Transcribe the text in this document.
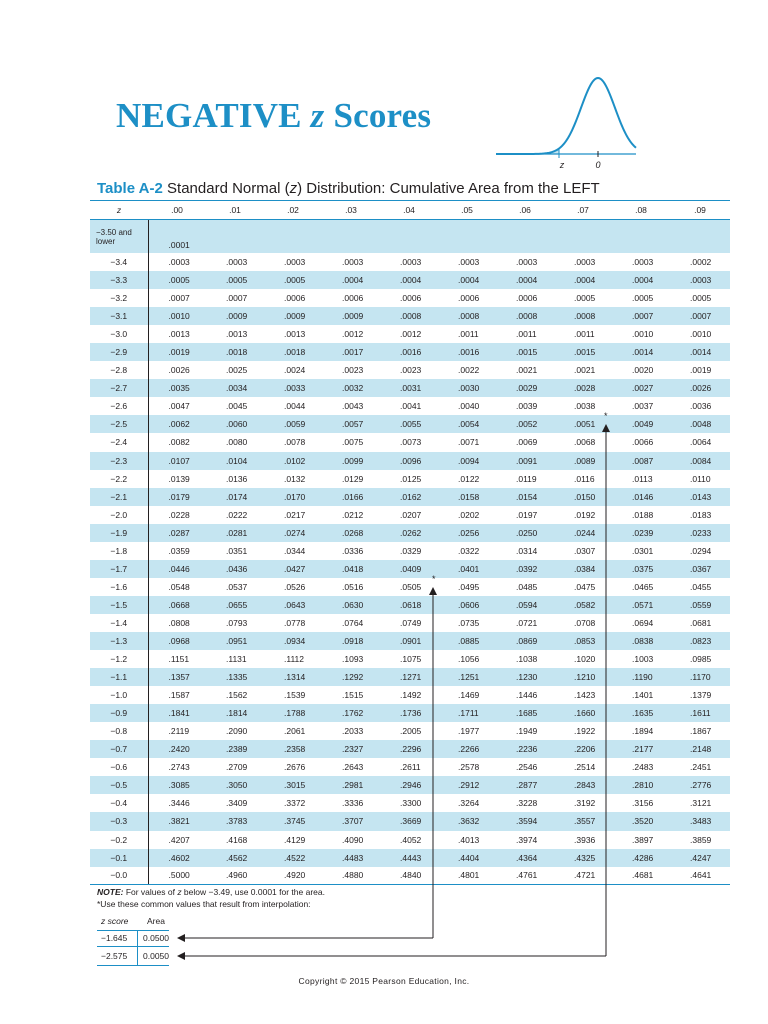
NEGATIVE z Scores
z	0

Table A-2 Standard Normal (z) Distribution: Cumulative Area from the LEFT

z	.00	.01	.02	.03	.04	.05	.06	.07	.08	.09
−3.50 and lower	.0001									
−3.4	.0003	.0003	.0003	.0003	.0003	.0003	.0003	.0003	.0003	.0002
−3.3	.0005	.0005	.0005	.0004	.0004	.0004	.0004	.0004	.0004	.0003
−3.2	.0007	.0007	.0006	.0006	.0006	.0006	.0006	.0005	.0005	.0005
−3.1	.0010	.0009	.0009	.0009	.0008	.0008	.0008	.0008	.0007	.0007
−3.0	.0013	.0013	.0013	.0012	.0012	.0011	.0011	.0011	.0010	.0010
−2.9	.0019	.0018	.0018	.0017	.0016	.0016	.0015	.0015	.0014	.0014
−2.8	.0026	.0025	.0024	.0023	.0023	.0022	.0021	.0021	.0020	.0019
−2.7	.0035	.0034	.0033	.0032	.0031	.0030	.0029	.0028	.0027	.0026
−2.6	.0047	.0045	.0044	.0043	.0041	.0040	.0039	.0038	.0037	.0036
−2.5	.0062	.0060	.0059	.0057	.0055	.0054	.0052	.0051	.0049	.0048
−2.4	.0082	.0080	.0078	.0075	.0073	.0071	.0069	.0068	.0066	.0064
−2.3	.0107	.0104	.0102	.0099	.0096	.0094	.0091	.0089	.0087	.0084
−2.2	.0139	.0136	.0132	.0129	.0125	.0122	.0119	.0116	.0113	.0110
−2.1	.0179	.0174	.0170	.0166	.0162	.0158	.0154	.0150	.0146	.0143
−2.0	.0228	.0222	.0217	.0212	.0207	.0202	.0197	.0192	.0188	.0183
−1.9	.0287	.0281	.0274	.0268	.0262	.0256	.0250	.0244	.0239	.0233
−1.8	.0359	.0351	.0344	.0336	.0329	.0322	.0314	.0307	.0301	.0294
−1.7	.0446	.0436	.0427	.0418	.0409	.0401	.0392	.0384	.0375	.0367
−1.6	.0548	.0537	.0526	.0516	.0505	.0495	.0485	.0475	.0465	.0455
−1.5	.0668	.0655	.0643	.0630	.0618	.0606	.0594	.0582	.0571	.0559
−1.4	.0808	.0793	.0778	.0764	.0749	.0735	.0721	.0708	.0694	.0681
−1.3	.0968	.0951	.0934	.0918	.0901	.0885	.0869	.0853	.0838	.0823
−1.2	.1151	.1131	.1112	.1093	.1075	.1056	.1038	.1020	.1003	.0985
−1.1	.1357	.1335	.1314	.1292	.1271	.1251	.1230	.1210	.1190	.1170
−1.0	.1587	.1562	.1539	.1515	.1492	.1469	.1446	.1423	.1401	.1379
−0.9	.1841	.1814	.1788	.1762	.1736	.1711	.1685	.1660	.1635	.1611
−0.8	.2119	.2090	.2061	.2033	.2005	.1977	.1949	.1922	.1894	.1867
−0.7	.2420	.2389	.2358	.2327	.2296	.2266	.2236	.2206	.2177	.2148
−0.6	.2743	.2709	.2676	.2643	.2611	.2578	.2546	.2514	.2483	.2451
−0.5	.3085	.3050	.3015	.2981	.2946	.2912	.2877	.2843	.2810	.2776
−0.4	.3446	.3409	.3372	.3336	.3300	.3264	.3228	.3192	.3156	.3121
−0.3	.3821	.3783	.3745	.3707	.3669	.3632	.3594	.3557	.3520	.3483
−0.2	.4207	.4168	.4129	.4090	.4052	.4013	.3974	.3936	.3897	.3859
−0.1	.4602	.4562	.4522	.4483	.4443	.4404	.4364	.4325	.4286	.4247
−0.0	.5000	.4960	.4920	.4880	.4840	.4801	.4761	.4721	.4681	.4641
*
*
NOTE: For values of z below −3.49, use 0.0001 for the area.
*Use these common values that result from interpolation:
z score Area
−1.645 0.0500
−2.575 0.0050
Copyright © 2015 Pearson Education, Inc.
